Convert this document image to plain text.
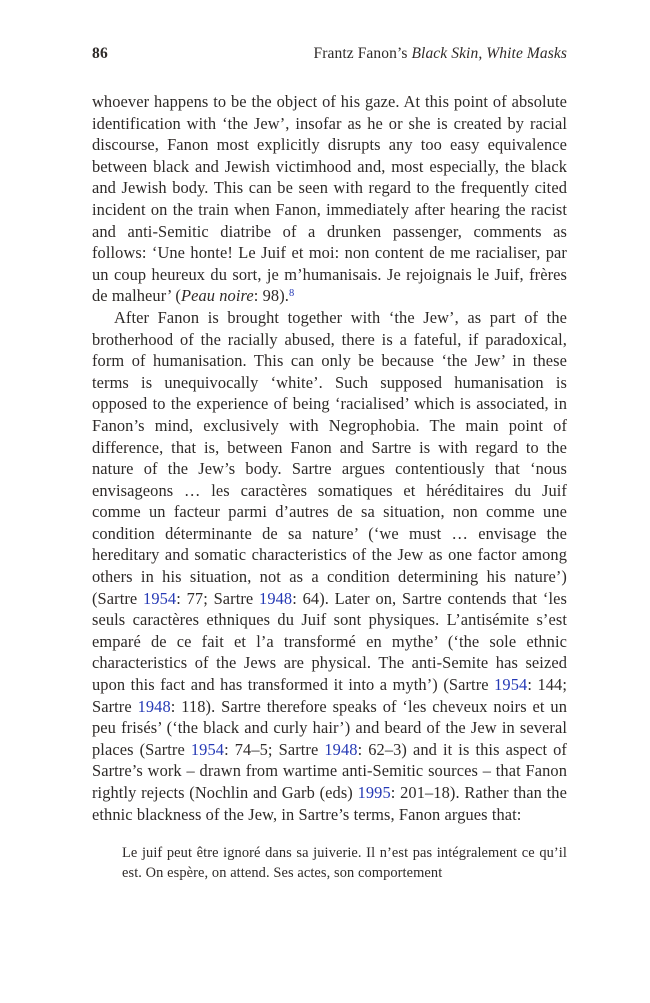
86	Frantz Fanon’s Black Skin, White Masks

whoever happens to be the object of his gaze. At this point of absolute identification with ‘the Jew’, insofar as he or she is created by racial discourse, Fanon most explicitly disrupts any too easy equivalence between black and Jewish victimhood and, most especially, the black and Jewish body. This can be seen with regard to the frequently cited incident on the train when Fanon, immediately after hearing the racist and anti-Semitic diatribe of a drunken passenger, comments as follows: ‘Une honte! Le Juif et moi: non content de me racialiser, par un coup heureux du sort, je m’humanisais. Je rejoignais le Juif, frères de malheur’ (Peau noire: 98).$^8$

After Fanon is brought together with ‘the Jew’, as part of the brotherhood of the racially abused, there is a fateful, if paradoxical, form of humanisation. This can only be because ‘the Jew’ in these terms is unequivocally ‘white’. Such supposed humanisation is opposed to the experience of being ‘racialised’ which is associated, in Fanon’s mind, exclusively with Negrophobia. The main point of difference, that is, between Fanon and Sartre is with regard to the nature of the Jew’s body. Sartre argues contentiously that ‘nous envisageons … les caractères somatiques et héréditaires du Juif comme un facteur parmi d’autres de sa situation, non comme une condition déterminante de sa nature’ (‘we must … envisage the hereditary and somatic characteristics of the Jew as one factor among others in his situation, not as a condition determining his nature’) (Sartre 1954: 77; Sartre 1948: 64). Later on, Sartre contends that ‘les seuls caractères ethniques du Juif sont physiques. L’antisémite s’est emparé de ce fait et l’a transformé en mythe’ (‘the sole ethnic characteristics of the Jews are physical. The anti-Semite has seized upon this fact and has transformed it into a myth’) (Sartre 1954: 144; Sartre 1948: 118). Sartre therefore speaks of ‘les cheveux noirs et un peu frisés’ (‘the black and curly hair’) and beard of the Jew in several places (Sartre 1954: 74–5; Sartre 1948: 62–3) and it is this aspect of Sartre’s work – drawn from wartime anti-Semitic sources – that Fanon rightly rejects (Nochlin and Garb (eds) 1995: 201–18). Rather than the ethnic blackness of the Jew, in Sartre’s terms, Fanon argues that:

Le juif peut être ignoré dans sa juiverie. Il n’est pas intégralement ce qu’il est. On espère, on attend. Ses actes, son comportement
